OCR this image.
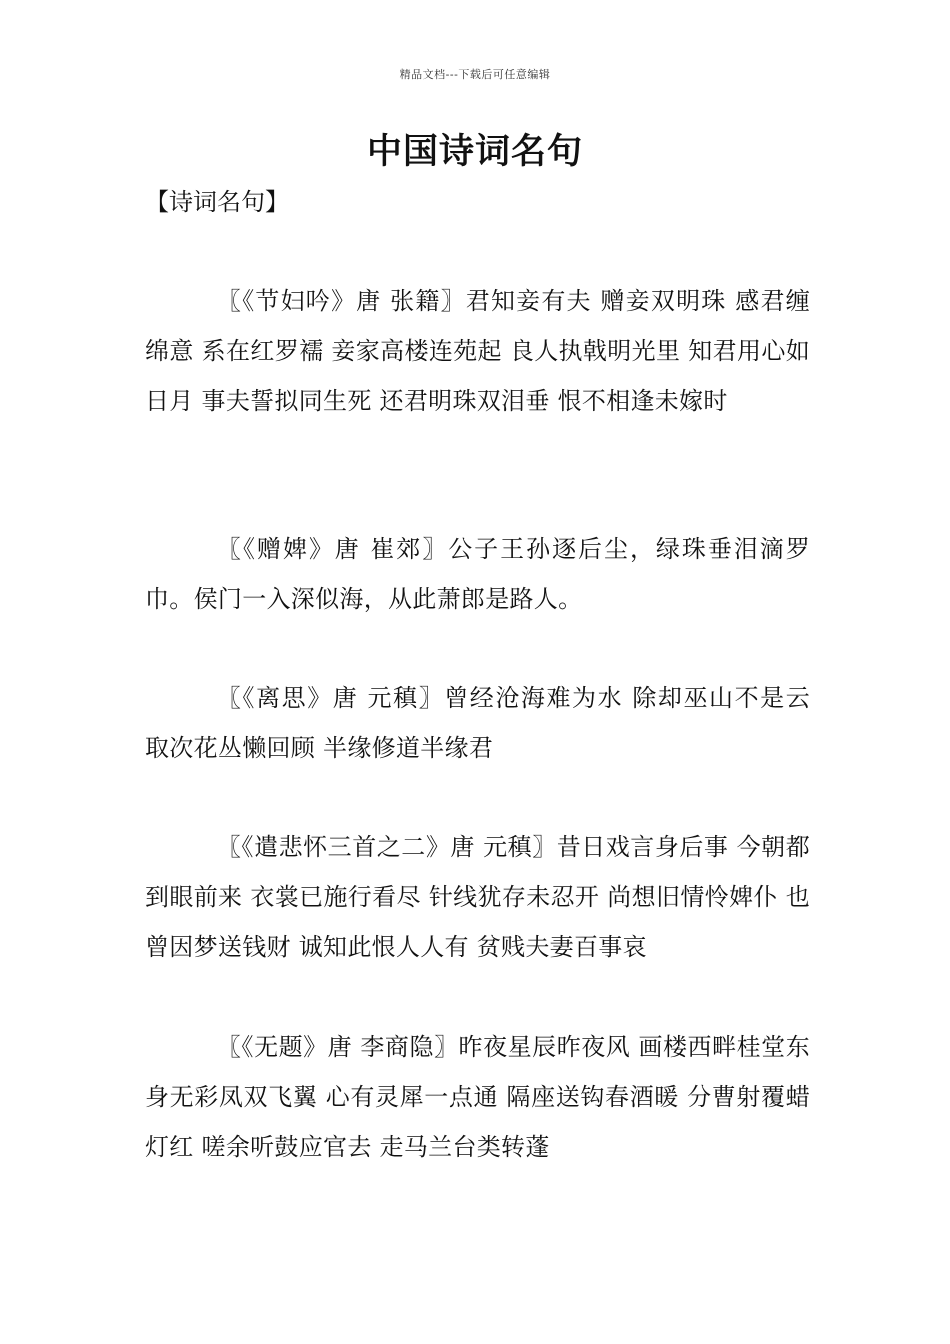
精品文档---下载后可任意编辑
中国诗词名句
【诗词名句】

〖《节妇吟》唐 张籍〗君知妾有夫 赠妾双明珠 感君缠绵意 系在红罗襦 妾家高楼连苑起 良人执戟明光里 知君用心如日月 事夫誓拟同生死 还君明珠双泪垂 恨不相逢未嫁时

〖《赠婢》唐 崔郊〗公子王孙逐后尘，绿珠垂泪滴罗巾。侯门一入深似海，从此萧郎是路人。

〖《离思》唐 元稹〗曾经沧海难为水 除却巫山不是云 取次花丛懒回顾 半缘修道半缘君

〖《遣悲怀三首之二》唐 元稹〗昔日戏言身后事 今朝都到眼前来 衣裳已施行看尽 针线犹存未忍开 尚想旧情怜婢仆 也曾因梦送钱财 诚知此恨人人有 贫贱夫妻百事哀

〖《无题》唐 李商隐〗昨夜星辰昨夜风 画楼西畔桂堂东 身无彩凤双飞翼 心有灵犀一点通 隔座送钩春酒暖 分曹射覆蜡灯红 嗟余听鼓应官去 走马兰台类转蓬
